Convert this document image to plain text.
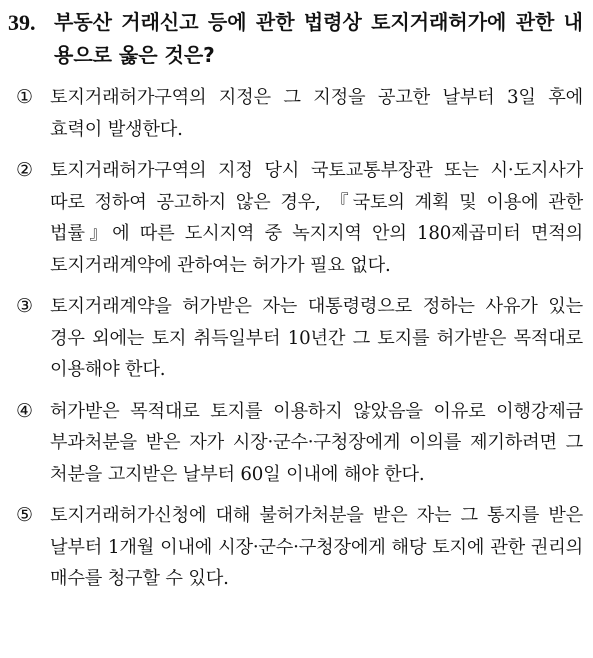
39. 부동산 거래신고 등에 관한 법령상 토지거래허가에 관한 내용으로 옳은 것은?
① 토지거래허가구역의 지정은 그 지정을 공고한 날부터 3일 후에 효력이 발생한다.
② 토지거래허가구역의 지정 당시 국토교통부장관 또는 시·도지사가 따로 정하여 공고하지 않은 경우, 『국토의 계획 및 이용에 관한 법률』에 따른 도시지역 중 녹지지역 안의 180제곱미터 면적의 토지거래계약에 관하여는 허가가 필요 없다.
③ 토지거래계약을 허가받은 자는 대통령령으로 정하는 사유가 있는 경우 외에는 토지 취득일부터 10년간 그 토지를 허가받은 목적대로 이용해야 한다.
④ 허가받은 목적대로 토지를 이용하지 않았음을 이유로 이행강제금 부과처분을 받은 자가 시장·군수·구청장에게 이의를 제기하려면 그 처분을 고지받은 날부터 60일 이내에 해야 한다.
⑤ 토지거래허가신청에 대해 불허가처분을 받은 자는 그 통지를 받은 날부터 1개월 이내에 시장·군수·구청장에게 해당 토지에 관한 권리의 매수를 청구할 수 있다.
